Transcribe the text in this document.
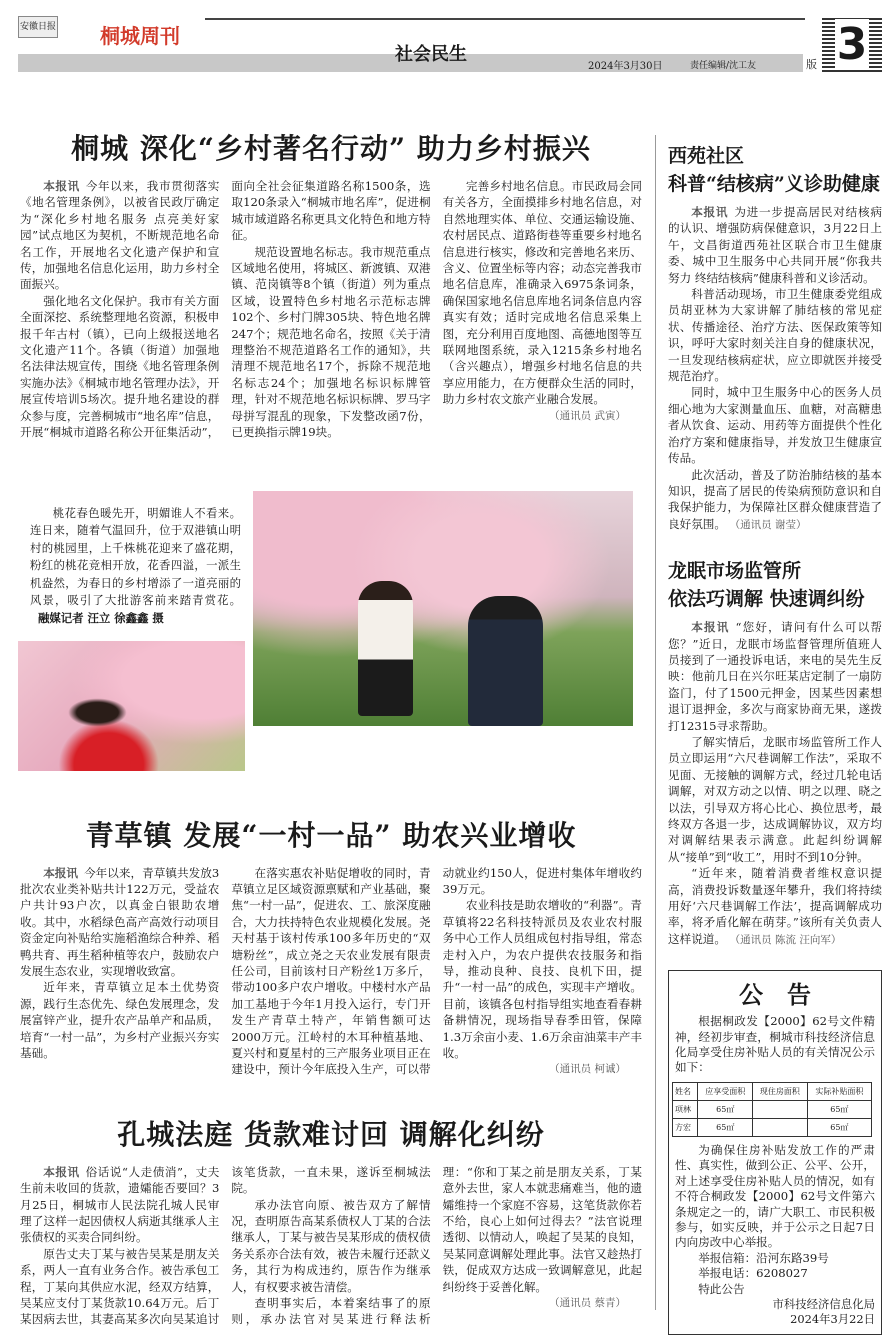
安徽日报 桐城周刊
社会民生
2024年3月30日	责任编辑/沈工友	版 3
桐城 深化“乡村著名行动” 助力乡村振兴

本报讯 今年以来，我市贯彻落实《地名管理条例》，以被省民政厅确定为“深化乡村地名服务 点亮美好家园”试点地区为契机，不断规范地名命名工作，开展地名文化遗产保护和宣传，加强地名信息化运用，助力乡村全面振兴。

强化地名文化保护。我市有关方面全面深挖、系统整理地名资源，积极申报千年古村（镇），已向上级报送地名文化遗产11个。各镇（街道）加强地名法律法规宣传，围绕《地名管理条例实施办法》《桐城市地名管理办法》，开展宣传培训5场次。提升地名建设的群众参与度，完善桐城市“地名库”信息，开展“桐城市道路名称公开征集活动”，面向全社会征集道路名称1500条，选取120条录入“桐城市地名库”，促进桐城市域道路名称更具文化特色和地方特征。

规范设置地名标志。我市规范重点区域地名使用，将城区、新渡镇、双港镇、范岗镇等8个镇（街道）列为重点区域，设置特色乡村地名示范标志牌102个、乡村门牌305块、特色地名牌247个；规范地名命名，按照《关于清理整治不规范道路名工作的通知》，共清理不规范地名17个，拆除不规范地名标志24个；加强地名标识标牌管理，针对不规范地名标识标牌、罗马字母拼写混乱的现象，下发整改函7份，已更换指示牌19块。

完善乡村地名信息。市民政局会同有关各方，全面摸排乡村地名信息，对自然地理实体、单位、交通运输设施、农村居民点、道路街巷等重要乡村地名信息进行核实，修改和完善地名来历、含义、位置坐标等内容；动态完善我市地名信息库，准确录入6975条词条，确保国家地名信息库地名词条信息内容真实有效；适时完成地名信息采集上图，充分利用百度地图、高德地图等互联网地图系统，录入1215条乡村地名（含兴趣点），增强乡村地名信息的共享应用能力，在方便群众生活的同时，助力乡村农文旅产业融合发展。

（通讯员 武寅）
桃花春色暖先开，明媚谁人不看来。连日来，随着气温回升，位于双港镇山明村的桃园里，上千株桃花迎来了盛花期，粉红的桃花竞相开放，花香四溢，一派生机盎然，为春日的乡村增添了一道亮丽的风景，吸引了大批游客前来踏青赏花。融媒记者 汪立 徐鑫鑫 摄
青草镇 发展“一村一品” 助农兴业增收

本报讯 今年以来，青草镇共发放3批次农业类补贴共计122万元，受益农户共计93户次，以真金白银助农增收。其中，水稻绿色高产高效行动项目资金定向补贴给实施稻渔综合种养、稻鸭共育、再生稻种植等农户，鼓励农户发展生态农业，实现增收致富。

近年来，青草镇立足本土优势资源，践行生态优先、绿色发展理念，发展富锌产业，提升农产品单产和品质，培育“一村一品”，为乡村产业振兴夯实基础。

在落实惠农补贴促增收的同时，青草镇立足区域资源禀赋和产业基础，聚焦“一村一品”，促进农、工、旅深度融合，大力扶持特色农业规模化发展。尧天村基于该村传承100多年历史的“双塘粉丝”，成立尧之天农业发展有限责任公司，目前该村日产粉丝1万多斤，带动100多户农户增收。中楼村水产品加工基地于今年1月投入运行，专门开发生产青草土特产，年销售额可达2000万元。江岭村的木耳种植基地、夏兴村和夏星村的三产服务业项目正在建设中，预计今年底投入生产，可以带动就业约150人，促进村集体年增收约39万元。

农业科技是助农增收的“利器”。青草镇将22名科技特派员及农业农村服务中心工作人员组成包村指导组，常态走村入户，为农户提供农技服务和指导，推动良种、良技、良机下田，提升“一村一品”的成色，实现丰产增收。目前，该镇各包村指导组实地查看春耕备耕情况，现场指导春季田管，保障1.3万余亩小麦、1.6万余亩油菜丰产丰收。

（通讯员 柯诚）
孔城法庭 货款难讨回 调解化纠纷

本报讯 俗话说“人走债消”，丈夫生前未收回的货款，遗孀能否要回？3月25日，桐城市人民法院孔城人民审理了这样一起因债权人病逝其继承人主张债权的买卖合同纠纷。

原告丈夫丁某与被告吴某是朋友关系，两人一直有业务合作。被告承包工程，丁某向其供应水泥，经双方结算，吴某应支付丁某货款10.64万元。后丁某因病去世，其妻高某多次向吴某追讨该笔货款，一直未果，遂诉至桐城法院。

承办法官向原、被告双方了解情况，查明原告高某系债权人丁某的合法继承人，丁某与被告吴某形成的债权债务关系亦合法有效，被告未履行还款义务，其行为构成违约，原告作为继承人，有权要求被告清偿。

查明事实后，本着案结事了的原则，承办法官对吴某进行释法析理：“你和丁某之前是朋友关系，丁某意外去世，家人本就悲痛难当，他的遗孀维持一个家庭不容易，这笔货款你若不给，良心上如何过得去？”法官说理透彻、以情动人，唤起了吴某的良知，吴某同意调解处理此事。法官又趁热打铁，促成双方达成一致调解意见，此起纠纷终于妥善化解。

（通讯员 蔡青）
西苑社区
科普“结核病”义诊助健康

本报讯 为进一步提高居民对结核病的认识、增强防病保健意识，3月22日上午，文昌街道西苑社区联合市卫生健康委、城中卫生服务中心共同开展“你我共努力 终结结核病”健康科普和义诊活动。

科普活动现场，市卫生健康委党组成员胡亚林为大家讲解了肺结核的常见症状、传播途径、治疗方法、医保政策等知识，呼吁大家时刻关注自身的健康状况，一旦发现结核病症状，应立即就医并接受规范治疗。

同时，城中卫生服务中心的医务人员细心地为大家测量血压、血糖，对高糖患者从饮食、运动、用药等方面提供个性化治疗方案和健康指导，并发放卫生健康宣传品。

此次活动，普及了防治肺结核的基本知识，提高了居民的传染病预防意识和自我保护能力，为保障社区群众健康营造了良好氛围。 （通讯员 谢莹）

龙眠市场监管所
依法巧调解 快速调纠纷

本报讯 “您好，请问有什么可以帮您？”近日，龙眠市场监督管理所值班人员接到了一通投诉电话，来电的吴先生反映：他前几日在兴尔旺某店定制了一扇防盗门，付了1500元押金，因某些因素想退订退押金，多次与商家协商无果，遂拨打12315寻求帮助。

了解实情后，龙眠市场监管所工作人员立即运用“六尺巷调解工作法”，采取不见面、无接触的调解方式，经过几轮电话调解，对双方动之以情、明之以理、晓之以法，引导双方将心比心、换位思考，最终双方各退一步，达成调解协议，双方均对调解结果表示满意。此起纠纷调解从“接单”到“收工”，用时不到10分钟。

“近年来，随着消费者维权意识提高，消费投诉数量逐年攀升，我们将持续用好‘六尺巷调解工作法’，提高调解成功率，将矛盾化解在萌芽。”该所有关负责人这样说道。 （通讯员 陈流 汪向军）

公告

根据桐政发【2000】62号文件精神，经初步审查，桐城市科技经济信息化局享受住房补贴人员的有关情况公示如下：

姓名	应享受面积	现住房面积	实际补贴面积
项林	65㎡		65㎡
方宏	65㎡		65㎡

为确保住房补贴发放工作的严肃性、真实性，做到公正、公平、公开，对上述享受住房补贴人员的情况，如有不符合桐政发【2000】62号文件第六条规定之一的，请广大职工、市民积极参与，如实反映，并于公示之日起7日内向房改中心举报。

举报信箱：沿河东路39号
举报电话：6208027
特此公告
市科技经济信息化局
2024年3月22日
